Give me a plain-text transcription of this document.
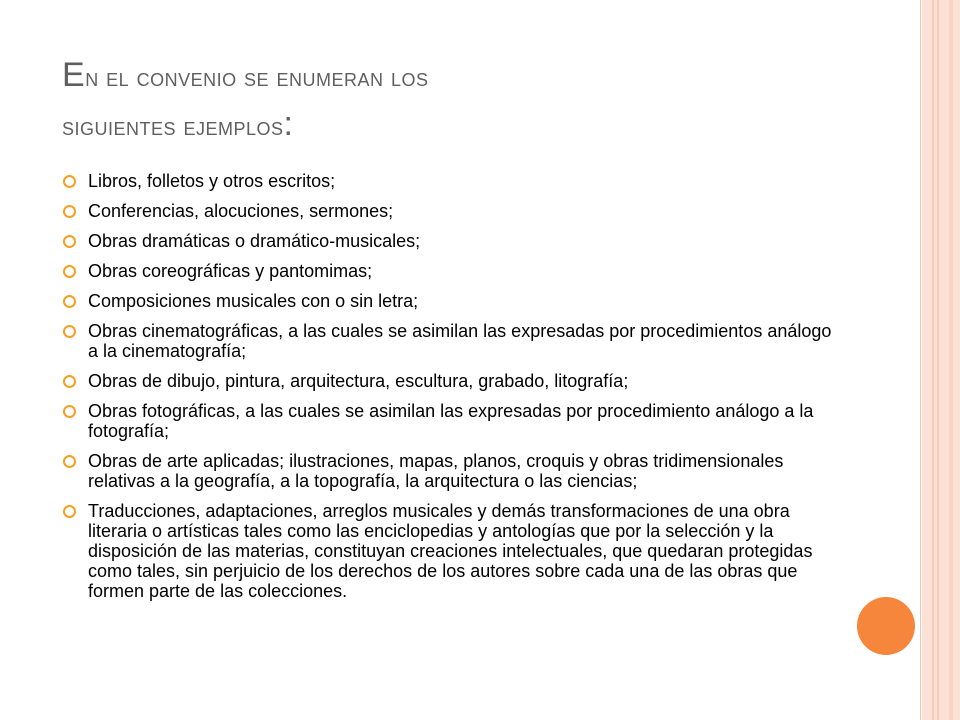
En el convenio se enumeran los
siguientes ejemplos:
Libros, folletos y otros escritos;
Conferencias, alocuciones, sermones;
Obras dramáticas o dramático-musicales;
Obras coreográficas y pantomimas;
Composiciones musicales con o sin letra;
Obras cinematográficas, a las cuales se asimilan las expresadas por procedimientos análogo a la cinematografía;
Obras de dibujo, pintura, arquitectura, escultura, grabado, litografía;
Obras fotográficas, a las cuales se asimilan las expresadas por procedimiento análogo a la fotografía;
Obras de arte aplicadas; ilustraciones, mapas, planos, croquis y obras tridimensionales relativas a la geografía, a la topografía, la arquitectura o las ciencias;
Traducciones, adaptaciones, arreglos musicales y demás transformaciones de una obra literaria o artísticas tales como las enciclopedias y antologías que por la selección y la disposición de las materias, constituyan creaciones intelectuales, que quedaran protegidas como tales, sin perjuicio de los derechos de los autores sobre cada una de las obras que formen parte de las colecciones.
